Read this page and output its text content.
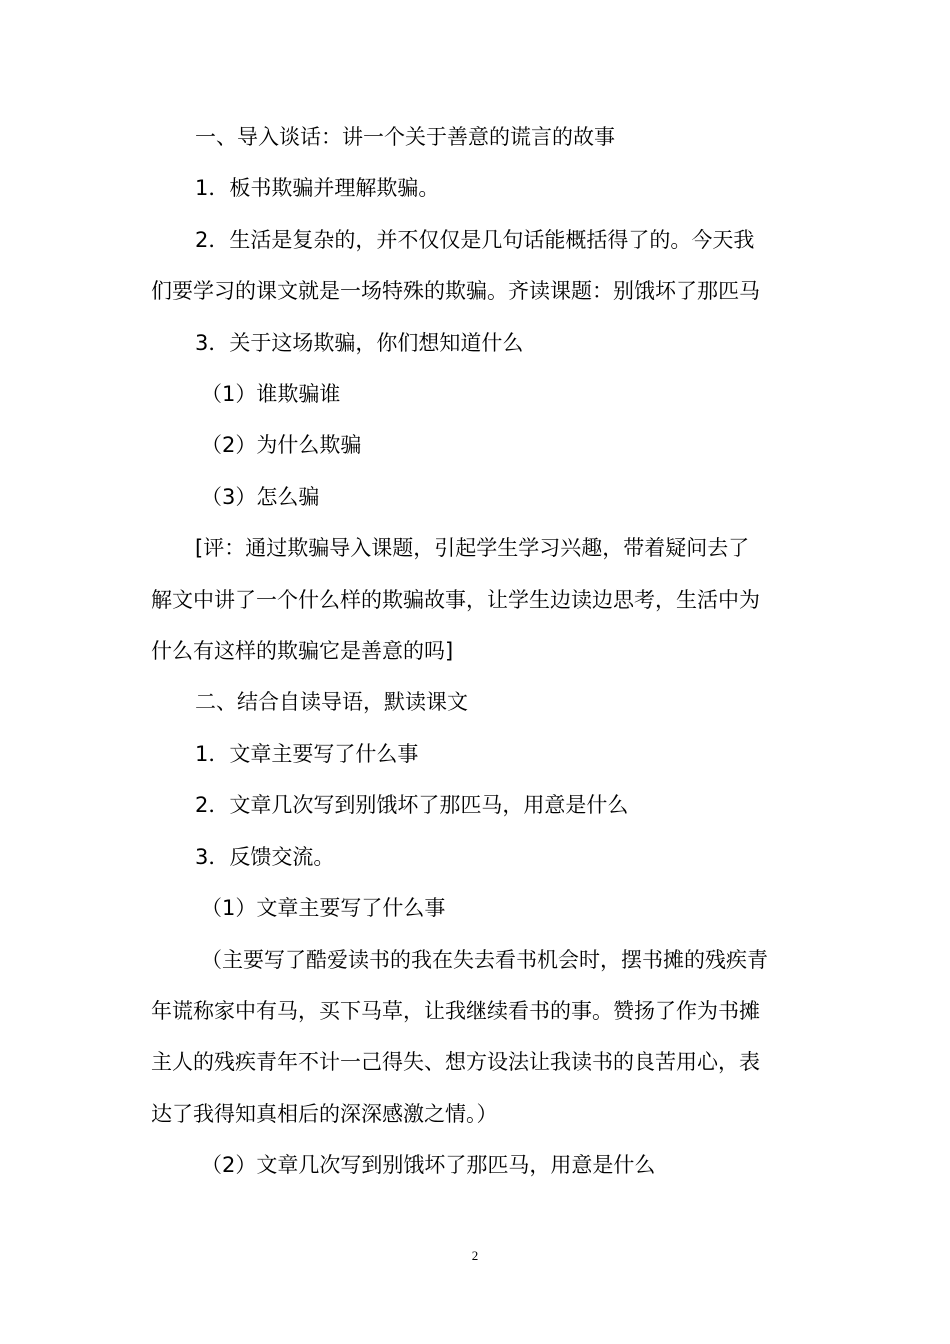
一、导入谈话：讲一个关于善意的谎言的故事

1．板书欺骗并理解欺骗。

2．生活是复杂的，并不仅仅是几句话能概括得了的。今天我

们要学习的课文就是一场特殊的欺骗。齐读课题：别饿坏了那匹马

3．关于这场欺骗，你们想知道什么

（1）谁欺骗谁

（2）为什么欺骗

（3）怎么骗

[评：通过欺骗导入课题，引起学生学习兴趣，带着疑问去了

解文中讲了一个什么样的欺骗故事，让学生边读边思考，生活中为

什么有这样的欺骗它是善意的吗]

二、结合自读导语，默读课文

1．文章主要写了什么事

2．文章几次写到别饿坏了那匹马，用意是什么

3．反馈交流。

（1）文章主要写了什么事

（主要写了酷爱读书的我在失去看书机会时，摆书摊的残疾青

年谎称家中有马，买下马草，让我继续看书的事。赞扬了作为书摊

主人的残疾青年不计一己得失、想方设法让我读书的良苦用心，表

达了我得知真相后的深深感激之情。）

（2）文章几次写到别饿坏了那匹马，用意是什么

2
